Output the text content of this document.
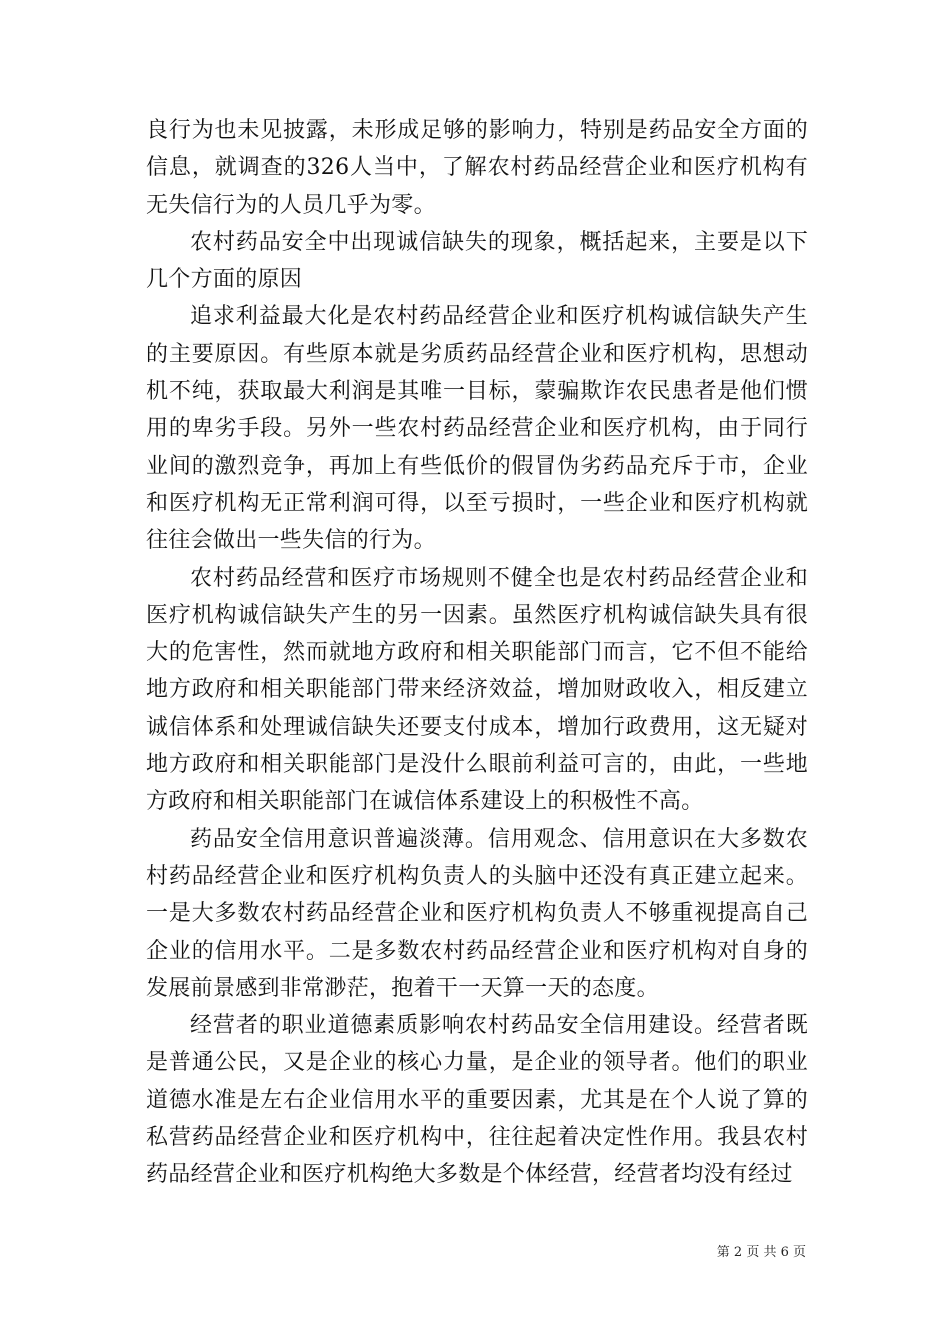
良行为也未见披露，未形成足够的影响力，特别是药品安全方面的信息，就调查的326人当中，了解农村药品经营企业和医疗机构有无失信行为的人员几乎为零。

农村药品安全中出现诚信缺失的现象，概括起来，主要是以下几个方面的原因

追求利益最大化是农村药品经营企业和医疗机构诚信缺失产生的主要原因。有些原本就是劣质药品经营企业和医疗机构，思想动机不纯，获取最大利润是其唯一目标，蒙骗欺诈农民患者是他们惯用的卑劣手段。另外一些农村药品经营企业和医疗机构，由于同行业间的激烈竞争，再加上有些低价的假冒伪劣药品充斥于市，企业和医疗机构无正常利润可得，以至亏损时，一些企业和医疗机构就往往会做出一些失信的行为。

农村药品经营和医疗市场规则不健全也是农村药品经营企业和医疗机构诚信缺失产生的另一因素。虽然医疗机构诚信缺失具有很大的危害性，然而就地方政府和相关职能部门而言，它不但不能给地方政府和相关职能部门带来经济效益，增加财政收入，相反建立诚信体系和处理诚信缺失还要支付成本，增加行政费用，这无疑对地方政府和相关职能部门是没什么眼前利益可言的，由此，一些地方政府和相关职能部门在诚信体系建设上的积极性不高。

药品安全信用意识普遍淡薄。信用观念、信用意识在大多数农村药品经营企业和医疗机构负责人的头脑中还没有真正建立起来。一是大多数农村药品经营企业和医疗机构负责人不够重视提高自己企业的信用水平。二是多数农村药品经营企业和医疗机构对自身的发展前景感到非常渺茫，抱着干一天算一天的态度。

经营者的职业道德素质影响农村药品安全信用建设。经营者既是普通公民，又是企业的核心力量，是企业的领导者。他们的职业道德水准是左右企业信用水平的重要因素，尤其是在个人说了算的私营药品经营企业和医疗机构中，往往起着决定性作用。我县农村药品经营企业和医疗机构绝大多数是个体经营，经营者均没有经过

第 2 页 共 6 页
